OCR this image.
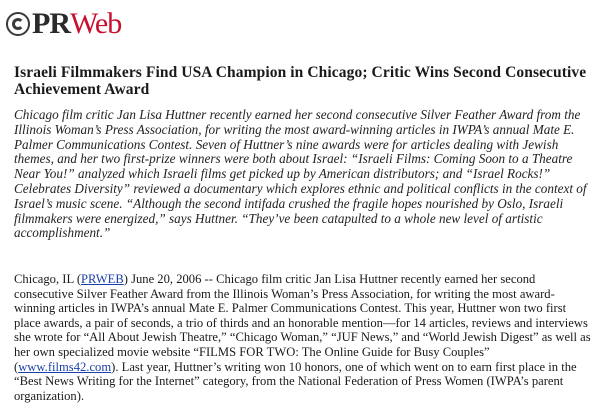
PR Web
Israeli Filmmakers Find USA Champion in Chicago; Critic Wins Second Consecutive Achievement Award

Chicago film critic Jan Lisa Huttner recently earned her second consecutive Silver Feather Award from the Illinois Woman’s Press Association, for writing the most award-winning articles in IWPA’s annual Mate E. Palmer Communications Contest. Seven of Huttner’s nine awards were for articles dealing with Jewish themes, and her two first-prize winners were both about Israel: “Israeli Films: Coming Soon to a Theatre Near You!” analyzed which Israeli films get picked up by American distributors; and “Israel Rocks!” Celebrates Diversity” reviewed a documentary which explores ethnic and political conflicts in the context of Israel’s music scene. “Although the second intifada crushed the fragile hopes nourished by Oslo, Israeli filmmakers were energized,” says Huttner. “They’ve been catapulted to a whole new level of artistic accomplishment.”

Chicago, IL (PRWEB) June 20, 2006 -- Chicago film critic Jan Lisa Huttner recently earned her second consecutive Silver Feather Award from the Illinois Woman’s Press Association, for writing the most award-winning articles in IWPA’s annual Mate E. Palmer Communications Contest. This year, Huttner won two first place awards, a pair of seconds, a trio of thirds and an honorable mention—for 14 articles, reviews and interviews she wrote for “All About Jewish Theatre,” “Chicago Woman,” “JUF News,” and “World Jewish Digest” as well as her own specialized movie website “FILMS FOR TWO: The Online Guide for Busy Couples” (www.films42.com). Last year, Huttner’s writing won 10 honors, one of which went on to earn first place in the “Best News Writing for the Internet” category, from the National Federation of Press Women (IWPA’s parent organization).
